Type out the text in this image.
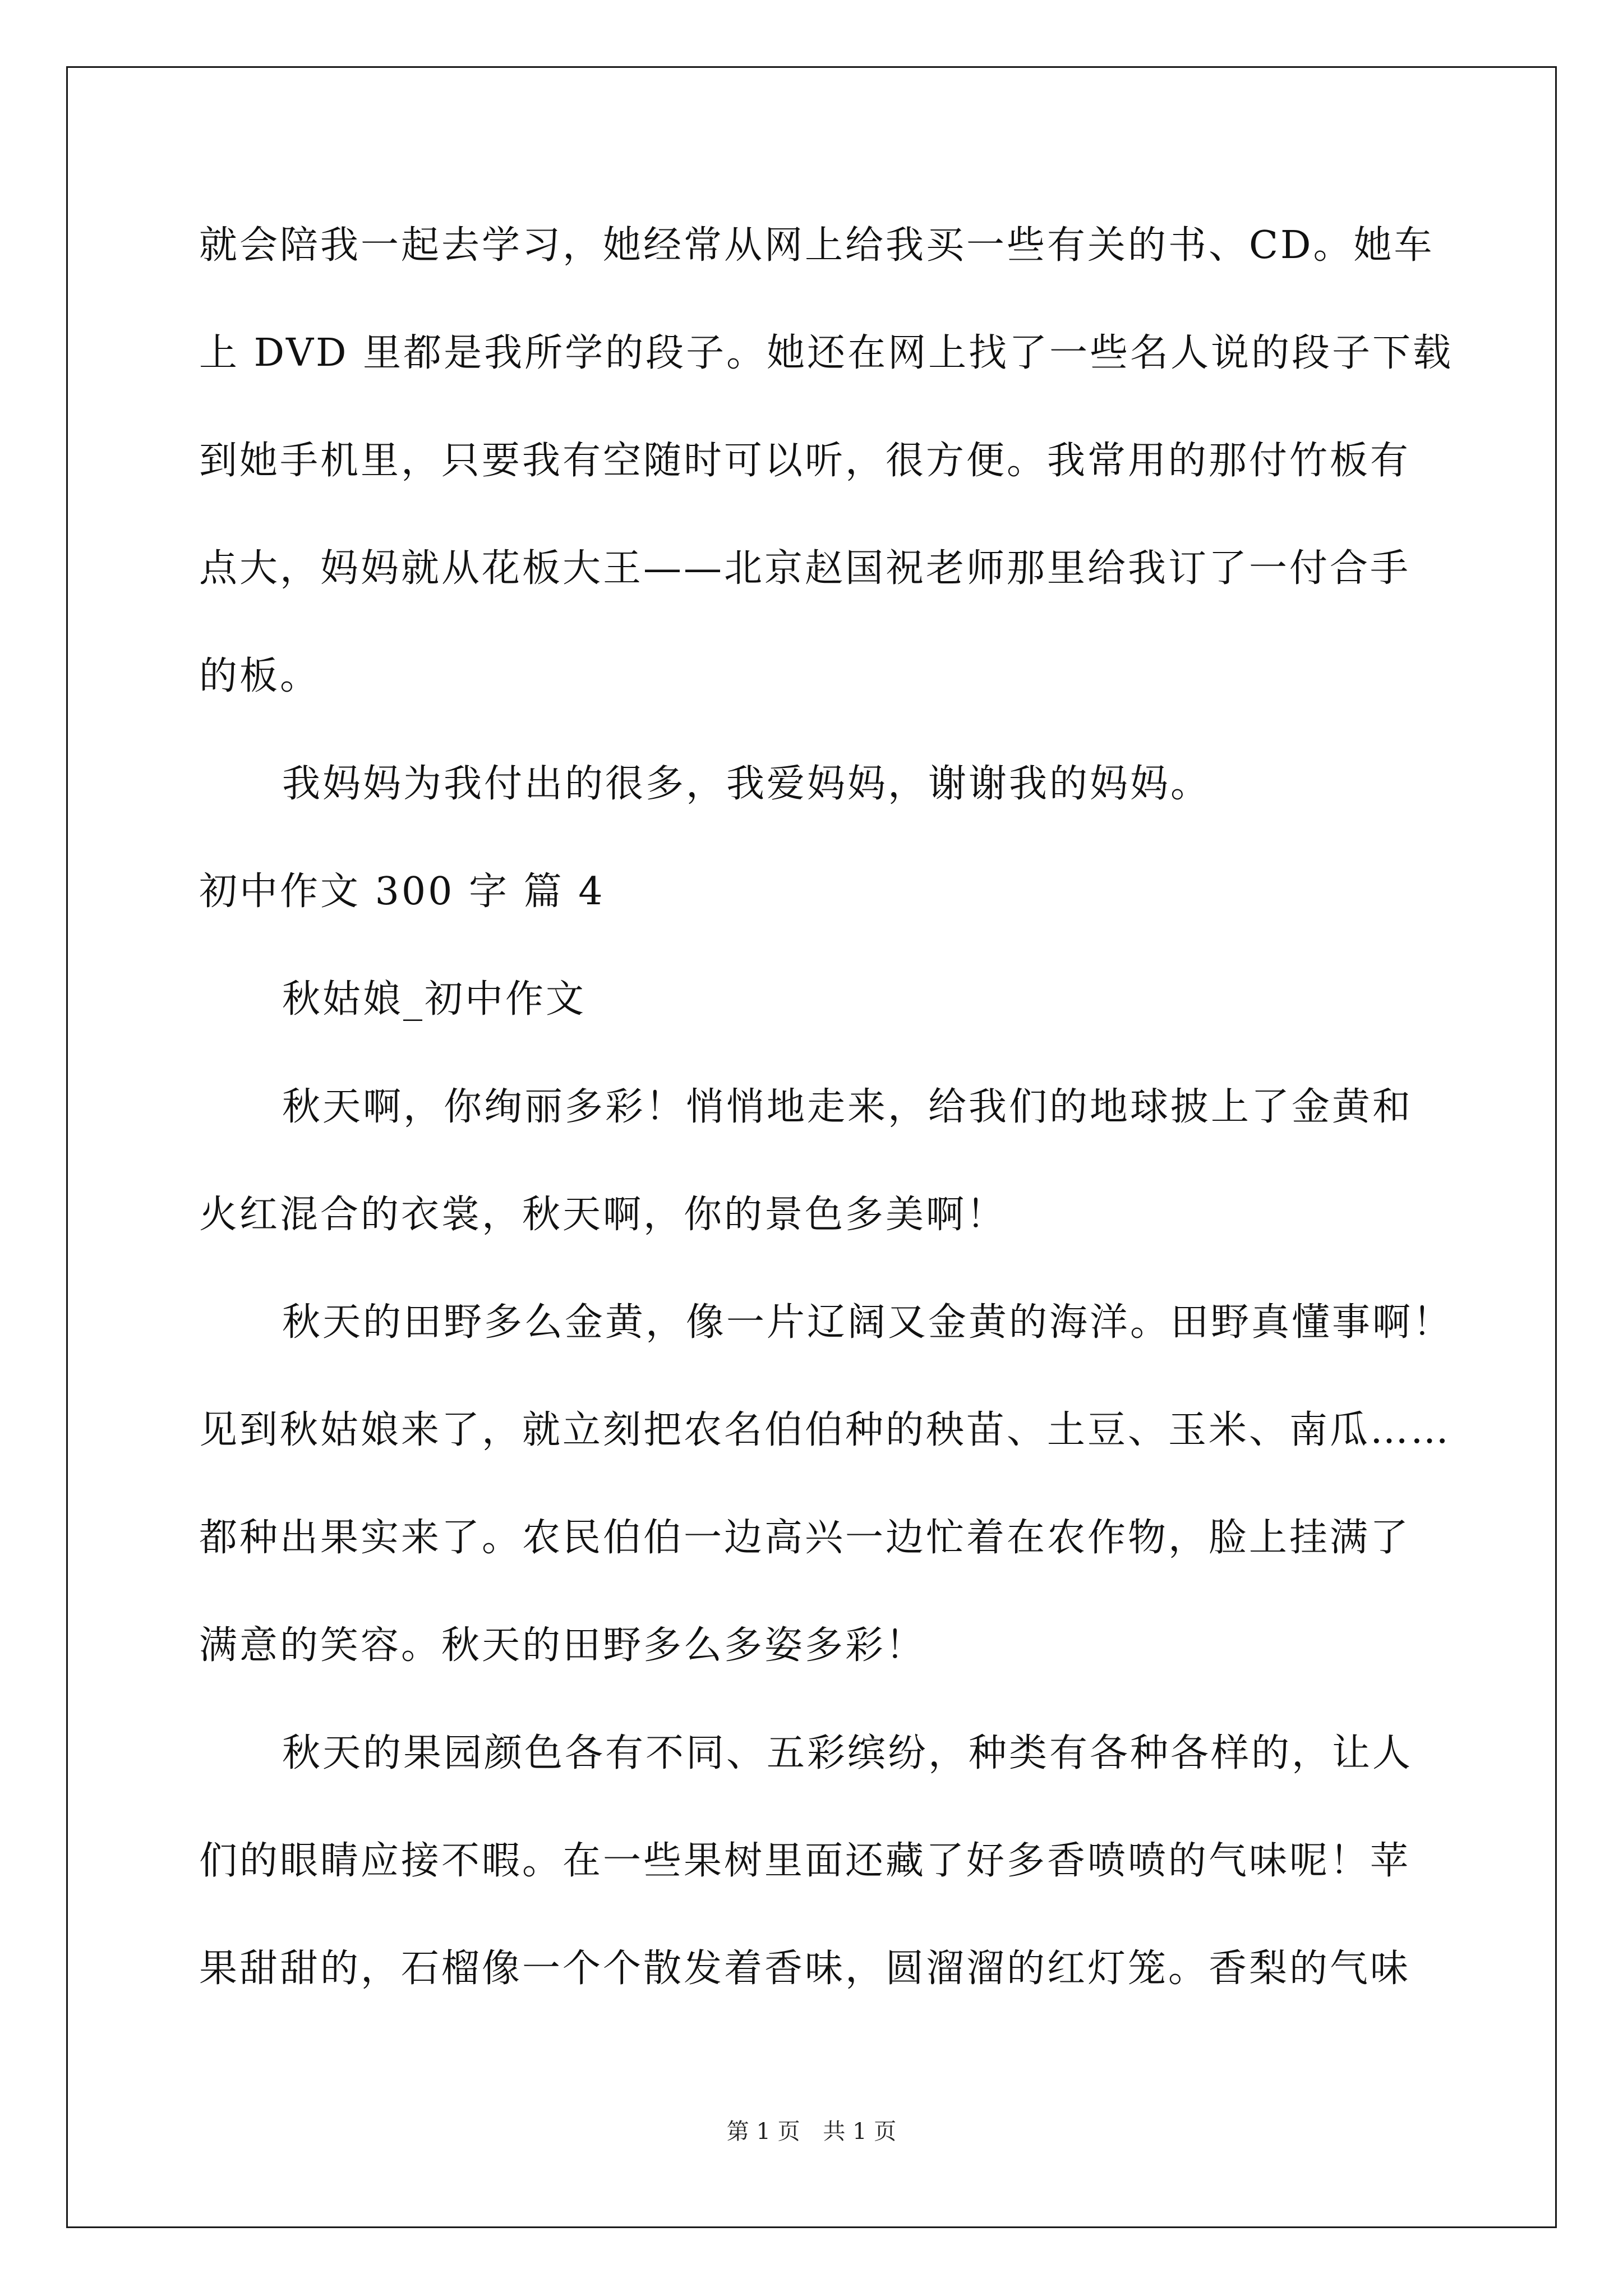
就会陪我一起去学习，她经常从网上给我买一些有关的书、CD。她车
上 DVD 里都是我所学的段子。她还在网上找了一些名人说的段子下载
到她手机里，只要我有空随时可以听，很方便。我常用的那付竹板有
点大，妈妈就从花板大王——北京赵国祝老师那里给我订了一付合手
的板。
我妈妈为我付出的很多，我爱妈妈，谢谢我的妈妈。
初中作文 300 字 篇 4
秋姑娘_初中作文
秋天啊，你绚丽多彩！悄悄地走来，给我们的地球披上了金黄和
火红混合的衣裳，秋天啊，你的景色多美啊！
秋天的田野多么金黄，像一片辽阔又金黄的海洋。田野真懂事啊！
见到秋姑娘来了，就立刻把农名伯伯种的秧苗、土豆、玉米、南瓜……
都种出果实来了。农民伯伯一边高兴一边忙着在农作物，脸上挂满了
满意的笑容。秋天的田野多么多姿多彩！
秋天的果园颜色各有不同、五彩缤纷，种类有各种各样的，让人
们的眼睛应接不暇。在一些果树里面还藏了好多香喷喷的气味呢！苹
果甜甜的，石榴像一个个散发着香味，圆溜溜的红灯笼。香梨的气味
第 1 页 共 1 页
